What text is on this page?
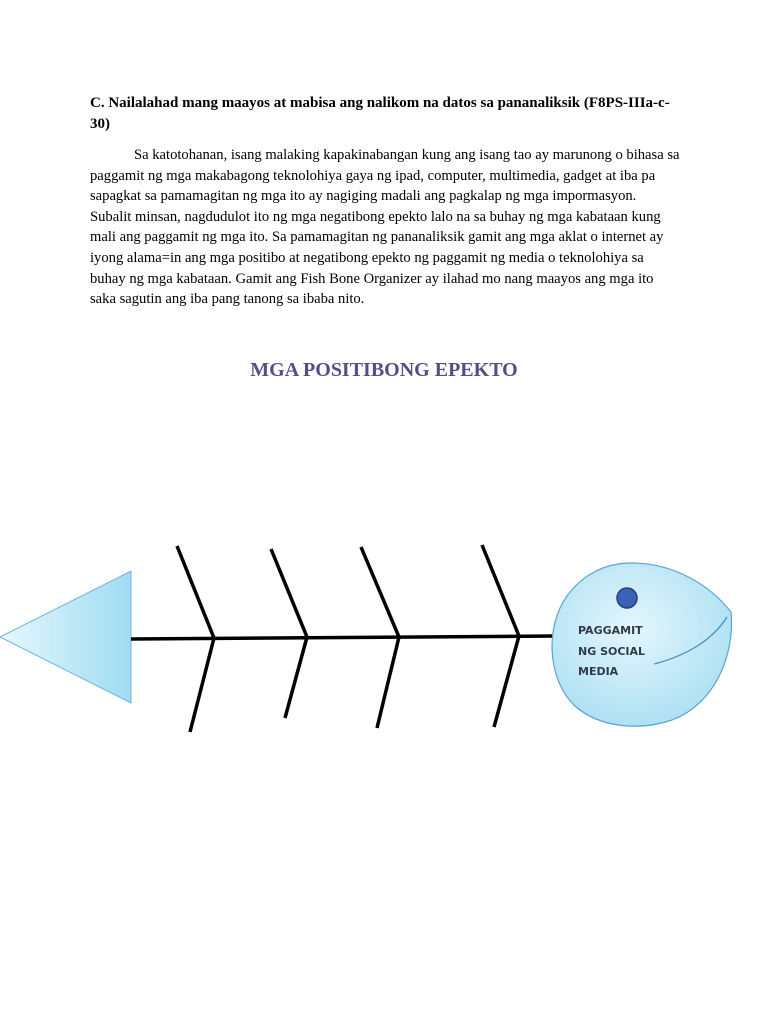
C. Nailalahad mang maayos at mabisa ang nalikom na datos sa pananaliksik (F8PS-IIIa-c-30)

Sa katotohanan, isang malaking kapakinabangan kung ang isang tao ay marunong o bihasa sa paggamit ng mga makabagong teknolohiya gaya ng ipad, computer, multimedia, gadget at iba pa sapagkat sa pamamagitan ng mga ito ay nagiging madali ang pagkalap ng mga impormasyon. Subalit minsan, nagdudulot ito ng mga negatibong epekto lalo na sa buhay ng mga kabataan kung mali ang paggamit ng mga ito. Sa pamamagitan ng pananaliksik gamit ang mga aklat o internet ay iyong alama=in ang mga positibo at negatibong epekto ng paggamit ng media o teknolohiya sa buhay ng mga kabataan. Gamit ang Fish Bone Organizer ay ilahad mo nang maayos ang mga ito saka sagutin ang iba pang tanong sa ibaba nito.

MGA POSITIBONG EPEKTO
PAGGAMIT NG SOCIAL MEDIA
